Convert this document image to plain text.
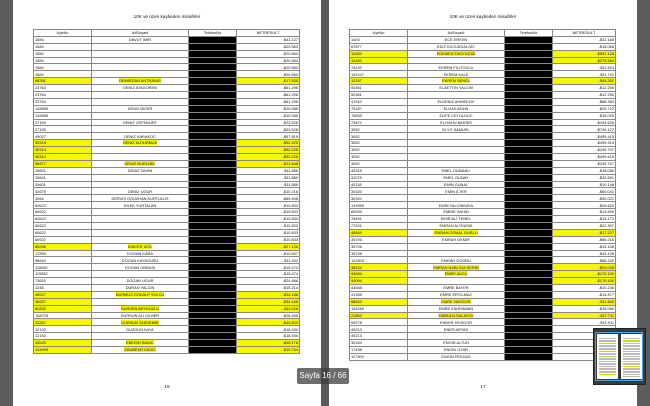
10K ve üzeri kaybeden misafirler
UyeNo	AdSoyadi	TelefonNo	NETRESULT
1584	DAVUT IMIR		-$41.127
1584			-$20.564
1584			-$20.564
1584			-$20.564
1584			-$20.564
1584			-$20.564
66381	DEMIRDAN ANTRANIG		-$17.538
23764	DENIZ ATAGOREN		-$61.296
23764			-$61.296
23764			-$61.296
128985	DENIZ BICER		-$10.085
128985			-$10.085
27159	DENIZ CEPHKURT		-$23.528
27159			-$23.528
49027	DENIZ KARAKOC		-$67.819
30314	DENIZ KIZILIRMAK		-$52.225
30314			-$52.225
30314			-$52.225
56877	DENIZ NURLUEL		-$21.648
29601	DENIZ SAHIN		-$11.889
29601			-$11.889
29601			-$11.889
32675	DENIZ UGUR		-$10.216
1064	DERVIS OGUZHAN KURTULUS		-$65.408
60622	DILEK YURTALAN		-$10.833
60622			-$10.833
60622			-$10.833
60622			-$10.833
60622			-$10.833
60622			-$10.833
85296	DINCER IZOL		-$27.136
17899	DOGAN KARA		-$10.657
96644	DOGAN KAYAGUSU		-$11.402
115582	DOGAN ONBASI		-$15.474
115582			-$15.474
73620	DOGAN UGUR		-$24.686
1248	DURAN YALCIN		-$15.214
38927	DURMUS GOKALP YOLCU		-$34.168
38927			-$34.168
82832	DURSEN BEYKOZLU		-$11.028
108703	DURSUN ALI DILBER		-$26.455
23397	DURSUN TASDEMIR		-$49.603
12192	DUZGUN KAYA		-$18.930
12192			-$18.930
43525	EBEDIN INANC		-$48.176
134495	EBUBEKR DIKICI		-$19.754
16
10K ve üzeri kaybeden misafirler
UyeNo	AdSoyadi	TelefonNo	NETRESULT
1403	ECE ERKEN		-$32.168
67877	EDIZ KUCUKDALGIC		-$18.068
11439	EGEMEN TANYILDIZI		-$551.128
11439			-$275.564
74433	EKREM FILITOGLU		-$11.524
141047	EKREM KALE		-$11.791
12247	EKREM SENEL		-$65.352
50361	ELAETTIN YALCIN		-$12.255
50361			-$12.255
47510	ELDENIZ AHMEDOV		-$68.384
75187	ELHAS ADUN		-$29.722
76833	ELIFE LEYLA KUC		-$15.025
73872	ELIYAHU BARSIS		-$194.628
3052	ELYO SAMUEL		-$749.122
3052			-$499.415
3052			-$499.415
3052			-$249.707
3052			-$499.415
3052			-$249.707
42915	EMEL DUMANLI		-$18.080
31075	EMEL GUNAY		-$32.691
40118	EMIN GUNAL		-$10.148
30320	EMIN ILTER		-$60.041
30320			-$30.021
133995	EMIN YALCINKAYA		-$26.620
69539	EMINE SAHIN		-$13.690
78491	EMIR ALI TEMEL		-$19.172
77631	EMRAH ALTINISIK		-$22.997
48849	EMRAH CEMAL GURLU		-$17.227
35706	EMRAH DEMIR		-$66.216
35706			-$33.108
35706			-$33.108
122803	EMRAH DOGRU		-$68.240
38124	EMRAH NABI GULSERIN		-$20.035
94094	EMRE AVCU		-$170.100
94094			-$170.100
43548	EMRE BAYER		-$10.238
41355	EMRE ERYILMAZ		-$14.877
68810	EMRE HASGOR		-$11.600
104260	EMRE KAHRAMAN		-$18.080
21852	EMRULN SULAYICI		-$47.711
69278	ENDER HOSGOR		-$15.911
49213	ENER ARTAS		
49213			
30164	ENGIN ALTUN		
17436	ENGIN OZAR		
117309	ENGIN PEKDAS		
17
Sayfa 16 / 66
